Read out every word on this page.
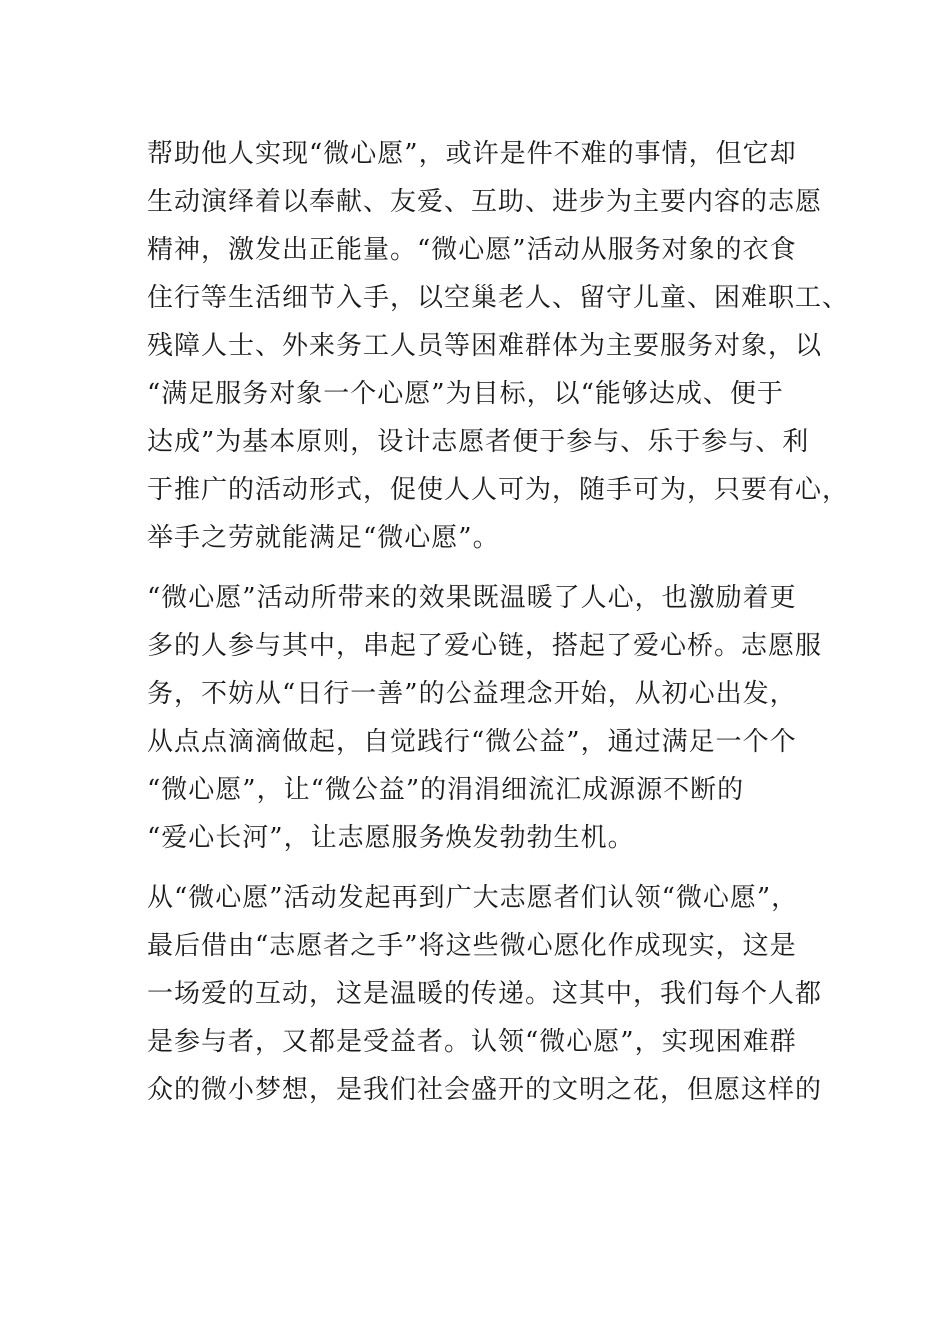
帮助他人实现“微心愿”，或许是件不难的事情，但它却
生动演绎着以奉献、友爱、互助、进步为主要内容的志愿
精神，激发出正能量。“微心愿”活动从服务对象的衣食
住行等生活细节入手，以空巢老人、留守儿童、困难职工、
残障人士、外来务工人员等困难群体为主要服务对象，以
“满足服务对象一个心愿”为目标，以“能够达成、便于
达成”为基本原则，设计志愿者便于参与、乐于参与、利
于推广的活动形式，促使人人可为，随手可为，只要有心，
举手之劳就能满足“微心愿”。
“微心愿”活动所带来的效果既温暖了人心，也激励着更
多的人参与其中，串起了爱心链，搭起了爱心桥。志愿服
务，不妨从“日行一善”的公益理念开始，从初心出发，
从点点滴滴做起，自觉践行“微公益”，通过满足一个个
“微心愿”，让“微公益”的涓涓细流汇成源源不断的
“爱心长河”，让志愿服务焕发勃勃生机。
从“微心愿”活动发起再到广大志愿者们认领“微心愿”，
最后借由“志愿者之手”将这些微心愿化作成现实，这是
一场爱的互动，这是温暖的传递。这其中，我们每个人都
是参与者，又都是受益者。认领“微心愿”，实现困难群
众的微小梦想，是我们社会盛开的文明之花，但愿这样的
